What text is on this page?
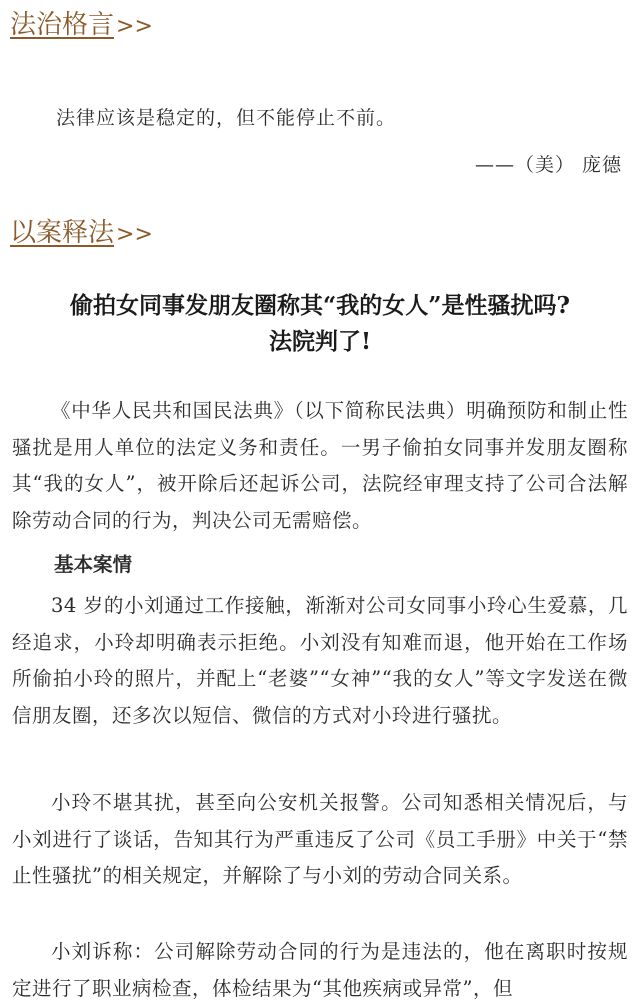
法治格言>>
法律应该是稳定的，但不能停止不前。
——（美） 庞德
以案释法>>
偷拍女同事发朋友圈称其“我的女人”是性骚扰吗?
法院判了!

《中华人民共和国民法典》（以下简称民法典）明确预防和制止性骚扰是用人单位的法定义务和责任。一男子偷拍女同事并发朋友圈称其“我的女人”，被开除后还起诉公司，法院经审理支持了公司合法解除劳动合同的行为，判决公司无需赔偿。

基本案情

34 岁的小刘通过工作接触，渐渐对公司女同事小玲心生爱慕，几经追求，小玲却明确表示拒绝。小刘没有知难而退，他开始在工作场所偷拍小玲的照片，并配上“老婆”“女神”“我的女人”等文字发送在微信朋友圈，还多次以短信、微信的方式对小玲进行骚扰。

小玲不堪其扰，甚至向公安机关报警。公司知悉相关情况后，与小刘进行了谈话，告知其行为严重违反了公司《员工手册》中关于“禁止性骚扰”的相关规定，并解除了与小刘的劳动合同关系。

小刘诉称：公司解除劳动合同的行为是违法的，他在离职时按规定进行了职业病检查，体检结果为“其他疾病或异常”，但
